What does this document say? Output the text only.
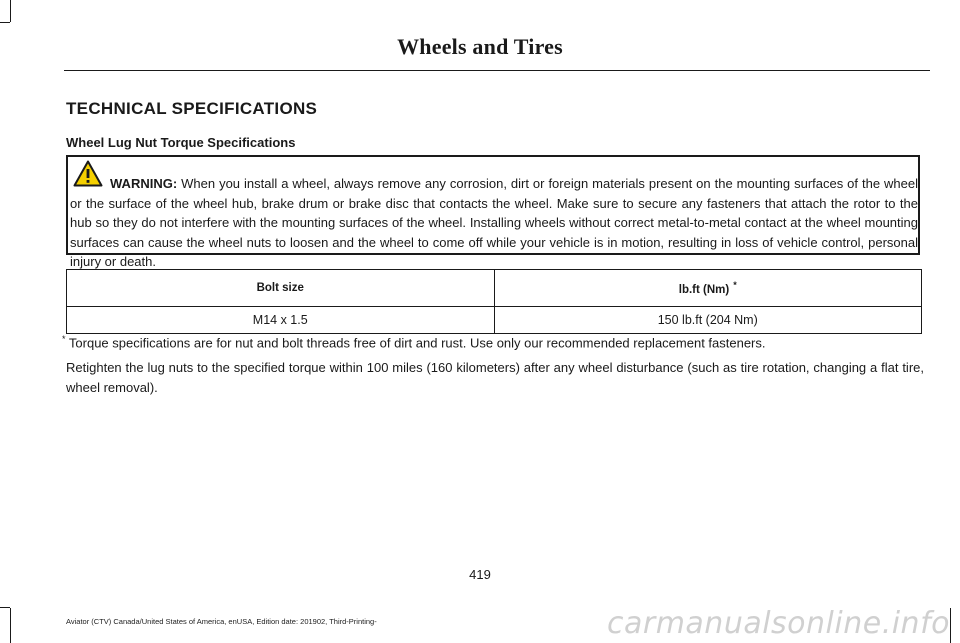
Wheels and Tires
TECHNICAL SPECIFICATIONS
Wheel Lug Nut Torque Specifications
WARNING: When you install a wheel, always remove any corrosion, dirt or foreign materials present on the mounting surfaces of the wheel or the surface of the wheel hub, brake drum or brake disc that contacts the wheel. Make sure to secure any fasteners that attach the rotor to the hub so they do not interfere with the mounting surfaces of the wheel. Installing wheels without correct metal-to-metal contact at the wheel mounting surfaces can cause the wheel nuts to loosen and the wheel to come off while your vehicle is in motion, resulting in loss of vehicle control, personal injury or death.
Bolt size	lb.ft (Nm) *
M14 x 1.5	150 lb.ft (204 Nm)
* Torque specifications are for nut and bolt threads free of dirt and rust. Use only our recommended replacement fasteners.
Retighten the lug nuts to the specified torque within 100 miles (160 kilometers) after any wheel disturbance (such as tire rotation, changing a flat tire, wheel removal).
419
Aviator (CTV) Canada/United States of America, enUSA, Edition date: 201902, Third-Printing-	carmanualsonline.info
